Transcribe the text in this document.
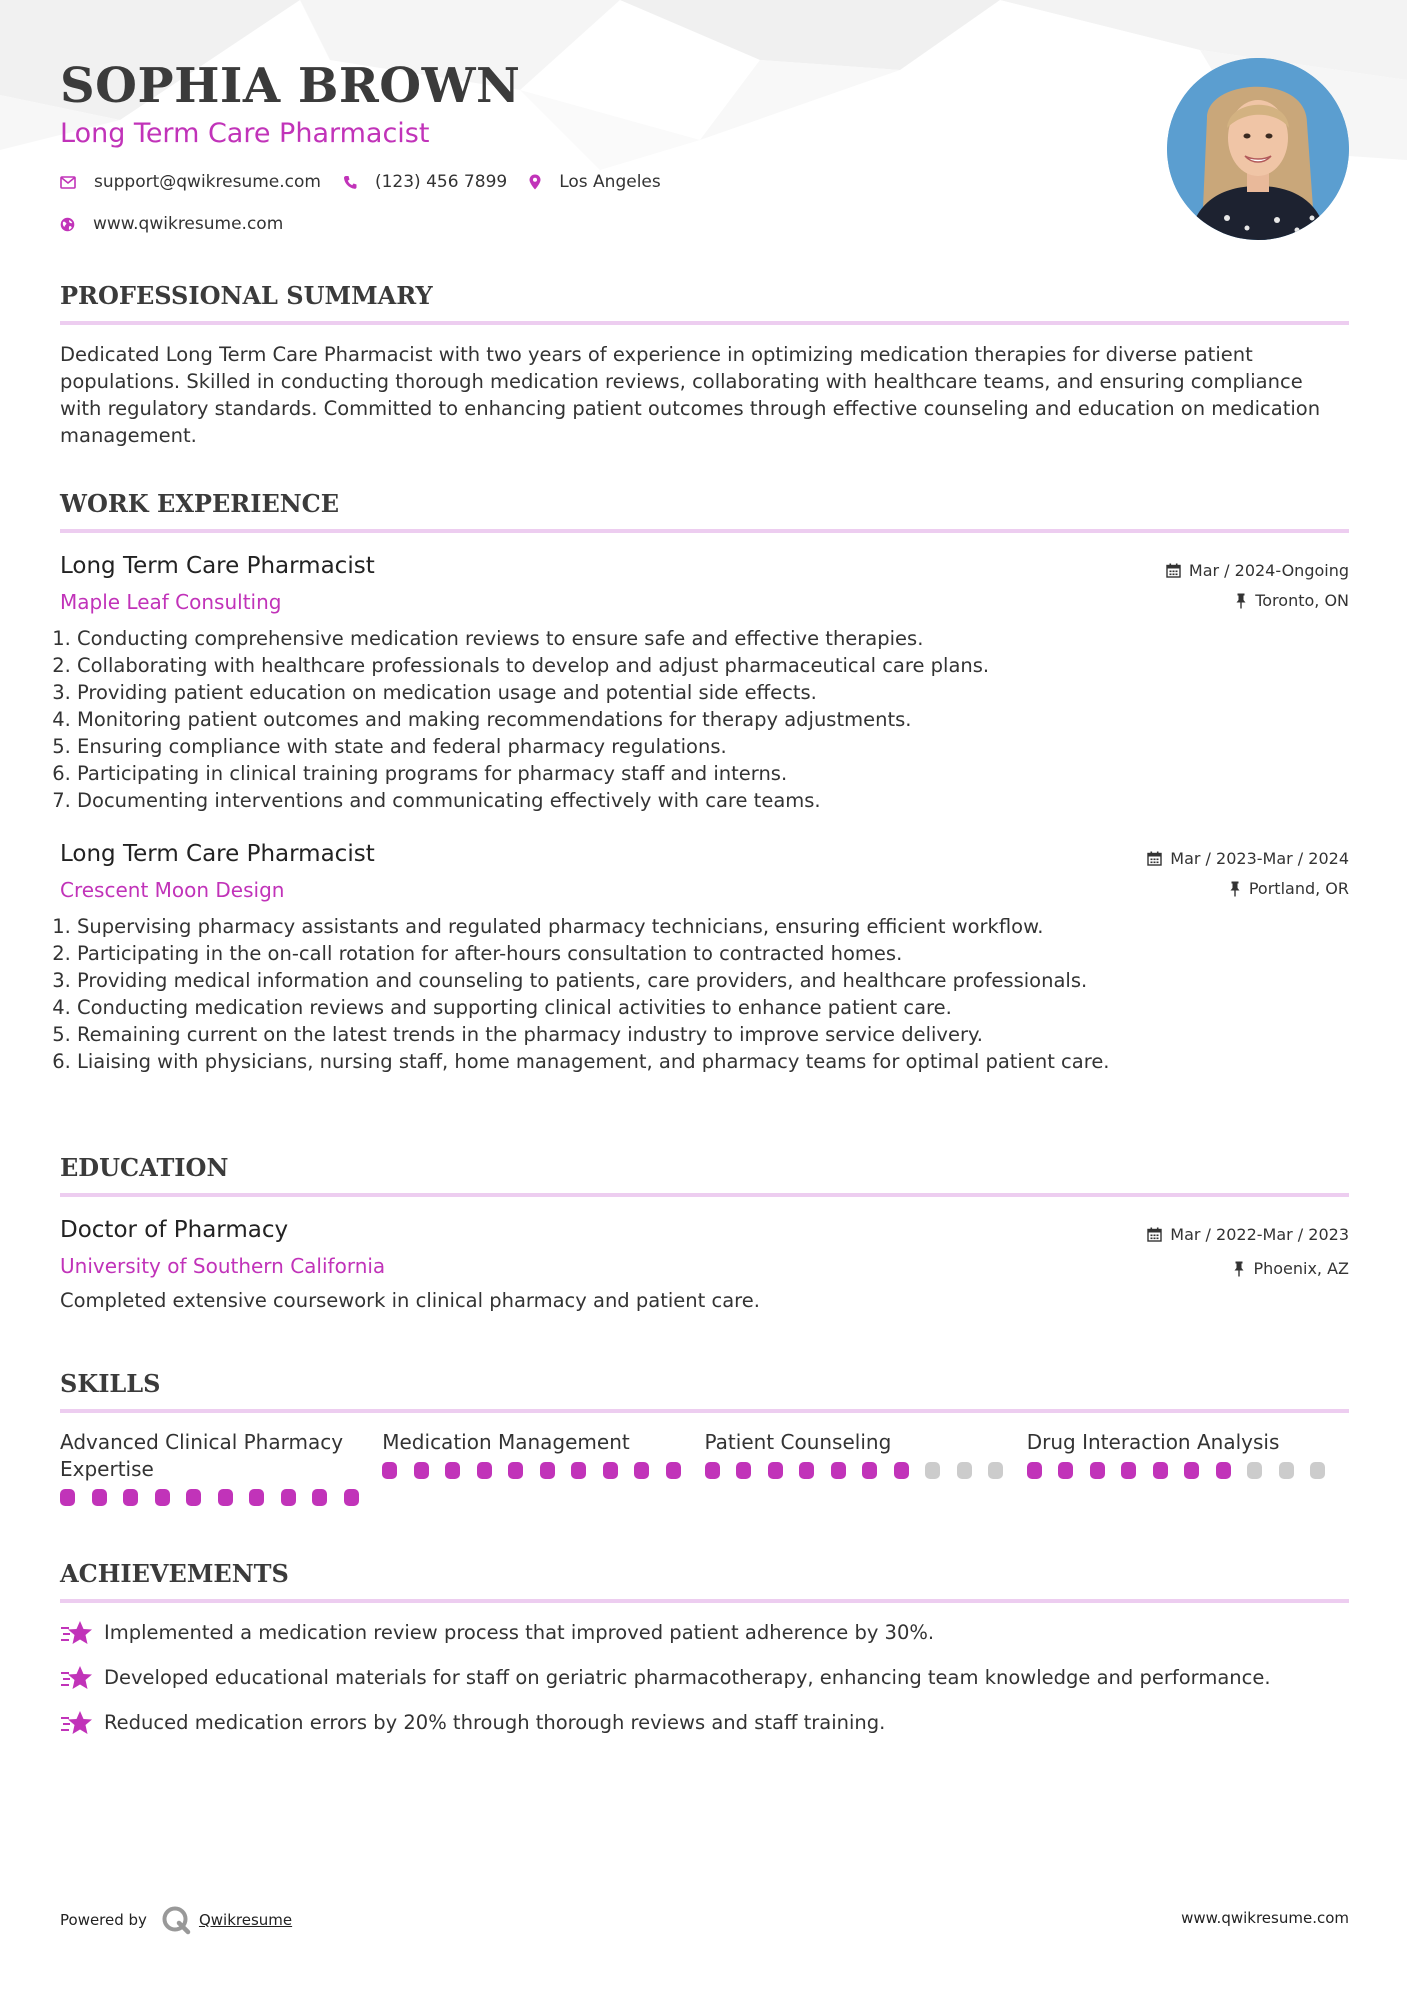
SOPHIA BROWN
Long Term Care Pharmacist
support@qwikresume.com	(123) 456 7899	Los Angeles
www.qwikresume.com
PROFESSIONAL SUMMARY
Dedicated Long Term Care Pharmacist with two years of experience in optimizing medication therapies for diverse patient populations. Skilled in conducting thorough medication reviews, collaborating with healthcare teams, and ensuring compliance with regulatory standards. Committed to enhancing patient outcomes through effective counseling and education on medication management.
WORK EXPERIENCE
Long Term Care Pharmacist
Maple Leaf Consulting
Mar / 2024-Ongoing
Toronto, ON
1. Conducting comprehensive medication reviews to ensure safe and effective therapies.
2. Collaborating with healthcare professionals to develop and adjust pharmaceutical care plans.
3. Providing patient education on medication usage and potential side effects.
4. Monitoring patient outcomes and making recommendations for therapy adjustments.
5. Ensuring compliance with state and federal pharmacy regulations.
6. Participating in clinical training programs for pharmacy staff and interns.
7. Documenting interventions and communicating effectively with care teams.
Long Term Care Pharmacist
Crescent Moon Design
Mar / 2023-Mar / 2024
Portland, OR
1. Supervising pharmacy assistants and regulated pharmacy technicians, ensuring efficient workflow.
2. Participating in the on-call rotation for after-hours consultation to contracted homes.
3. Providing medical information and counseling to patients, care providers, and healthcare professionals.
4. Conducting medication reviews and supporting clinical activities to enhance patient care.
5. Remaining current on the latest trends in the pharmacy industry to improve service delivery.
6. Liaising with physicians, nursing staff, home management, and pharmacy teams for optimal patient care.
EDUCATION
Doctor of Pharmacy
University of Southern California
Mar / 2022-Mar / 2023
Phoenix, AZ
Completed extensive coursework in clinical pharmacy and patient care.
SKILLS
Advanced Clinical Pharmacy Expertise
Medication Management	Patient Counseling	Drug Interaction Analysis
ACHIEVEMENTS
Implemented a medication review process that improved patient adherence by 30%.
Developed educational materials for staff on geriatric pharmacotherapy, enhancing team knowledge and performance.
Reduced medication errors by 20% through thorough reviews and staff training.
Powered by	Qwikresume	www.qwikresume.com
